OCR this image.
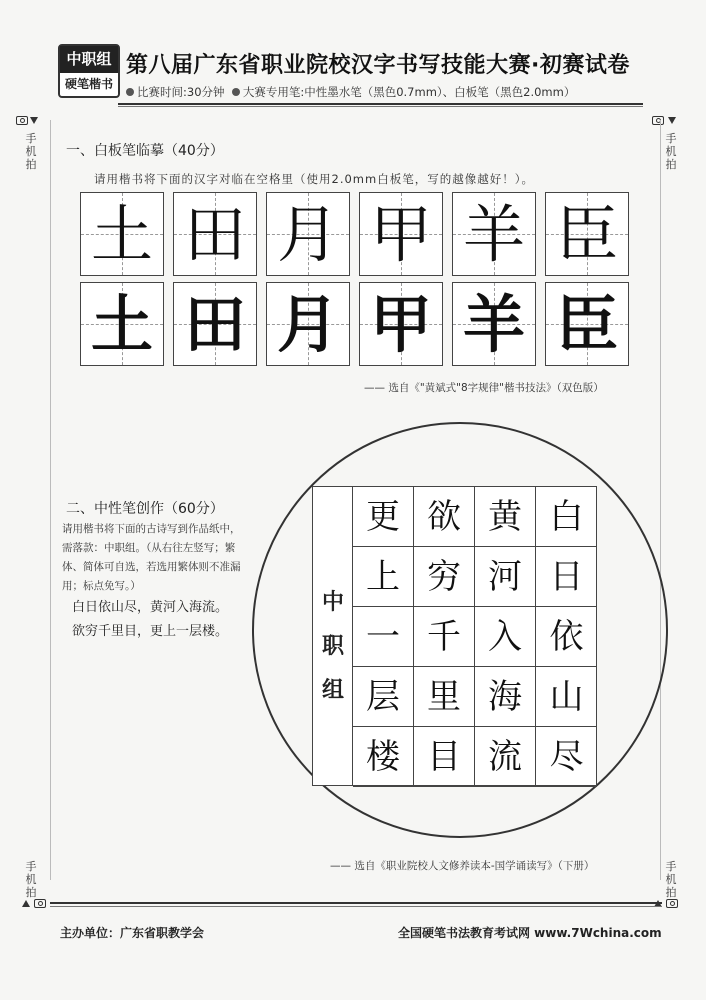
中职组
硬笔楷书
第八届广东省职业院校汉字书写技能大赛·初赛试卷
比赛时间:30分钟 大赛专用笔:中性墨水笔（黑色0.7mm）、白板笔（黑色2.0mm）
手
机
拍
手
机
拍
手
机
拍
手
机
拍
一、白板笔临摹（40分）
请用楷书将下面的汉字对临在空格里（使用2.0mm白板笔，写的越像越好！）。
土 田 月 甲 羊 臣
土 田 月 甲 羊 臣
—— 选自《"黄斌式"8字规律"楷书技法》（双色版）
二、中性笔创作（60分）
请用楷书将下面的古诗写到作品纸中，需落款：中职组。（从右往左竖写；繁体、简体可自选，若选用繁体则不准漏用；标点免写。）
白日依山尽，黄河入海流。
欲穷千里目，更上一层楼。
中
职
组
更
上
一
层
楼
欲
穷
千
里
目
黄
河
入
海
流
白
日
依
山
尽
—— 选自《职业院校人文修养读本-国学诵读写》（下册）
主办单位：广东省职教学会	全国硬笔书法教育考试网 www.7Wchina.com
